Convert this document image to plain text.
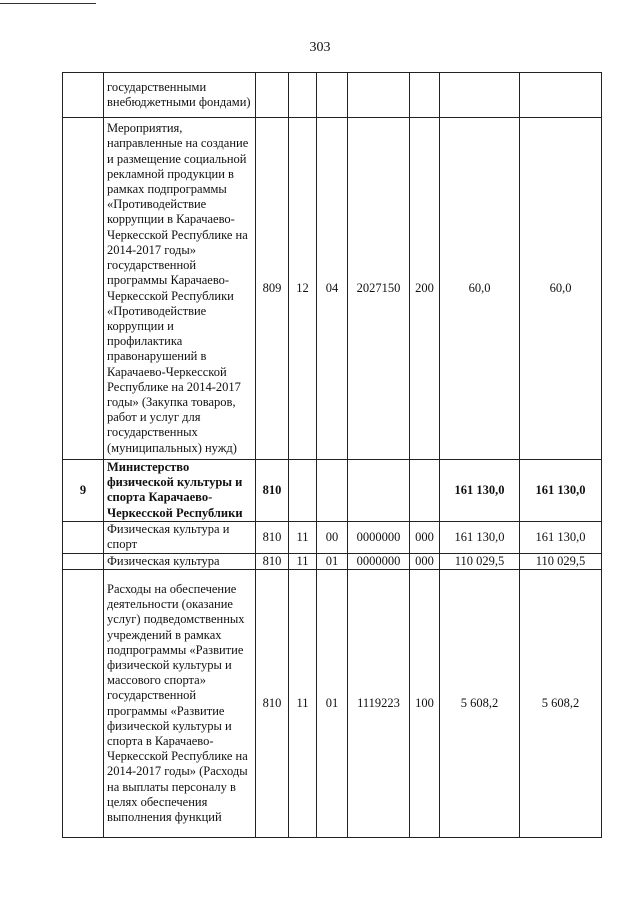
303
	государственными внебюджетными фондами)							
	Мероприятия, направленные на создание и размещение социальной рекламной продукции в рамках подпрограммы «Противодействие коррупции в Карачаево-Черкесской Республике на 2014-2017 годы» государственной программы Карачаево-Черкесской Республики «Противодействие коррупции и профилактика правонарушений в Карачаево-Черкесской Республике на 2014-2017 годы» (Закупка товаров, работ и услуг для государственных (муниципальных) нужд)	809	12	04	2027150	200	60,0	60,0
9	Министерство физической культуры и спорта Карачаево-Черкесской Республики	810					161 130,0	161 130,0
	Физическая культура и спорт	810	11	00	0000000	000	161 130,0	161 130,0
	Физическая культура	810	11	01	0000000	000	110 029,5	110 029,5
	Расходы на обеспечение деятельности (оказание услуг) подведомственных учреждений в рамках подпрограммы «Развитие физической культуры и массового спорта» государственной программы «Развитие физической культуры и спорта в Карачаево-Черкесской Республике на 2014-2017 годы» (Расходы на выплаты персоналу в целях обеспечения выполнения функций	810	11	01	1119223	100	5 608,2	5 608,2
